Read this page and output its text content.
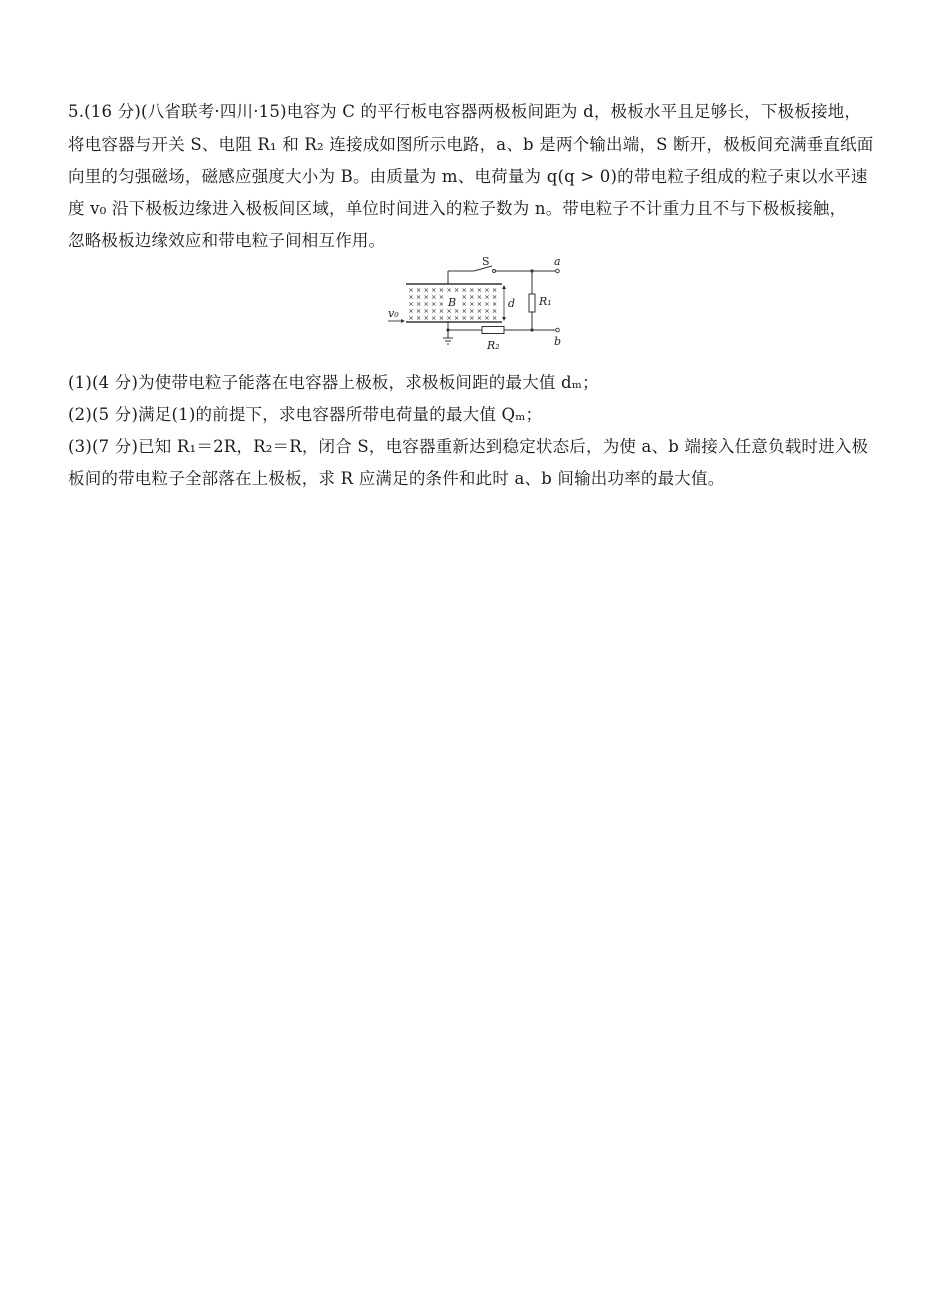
5.(16 分)(八省联考·四川·15)电容为 C 的平行板电容器两极板间距为 d，极板水平且足够长，下极板接地，
将电容器与开关 S、电阻 R₁ 和 R₂ 连接成如图所示电路，a、b 是两个输出端，S 断开，极板间充满垂直纸面
向里的匀强磁场，磁感应强度大小为 B。由质量为 m、电荷量为 q(q > 0)的带电粒子组成的粒子束以水平速
度 v₀ 沿下极板边缘进入极板间区域，单位时间进入的粒子数为 n。带电粒子不计重力且不与下极板接触，
忽略极板边缘效应和带电粒子间相互作用。
(1)(4 分)为使带电粒子能落在电容器上极板，求极板间距的最大值 dₘ；
(2)(5 分)满足(1)的前提下，求电容器所带电荷量的最大值 Qₘ；
(3)(7 分)已知 R₁＝2R，R₂＝R，闭合 S，电容器重新达到稳定状态后，为使 a、b 端接入任意负载时进入极
板间的带电粒子全部落在上极板，求 R 应满足的条件和此时 a、b 间输出功率的最大值。
B	d
S	a
R₁
b
R₂
v₀
